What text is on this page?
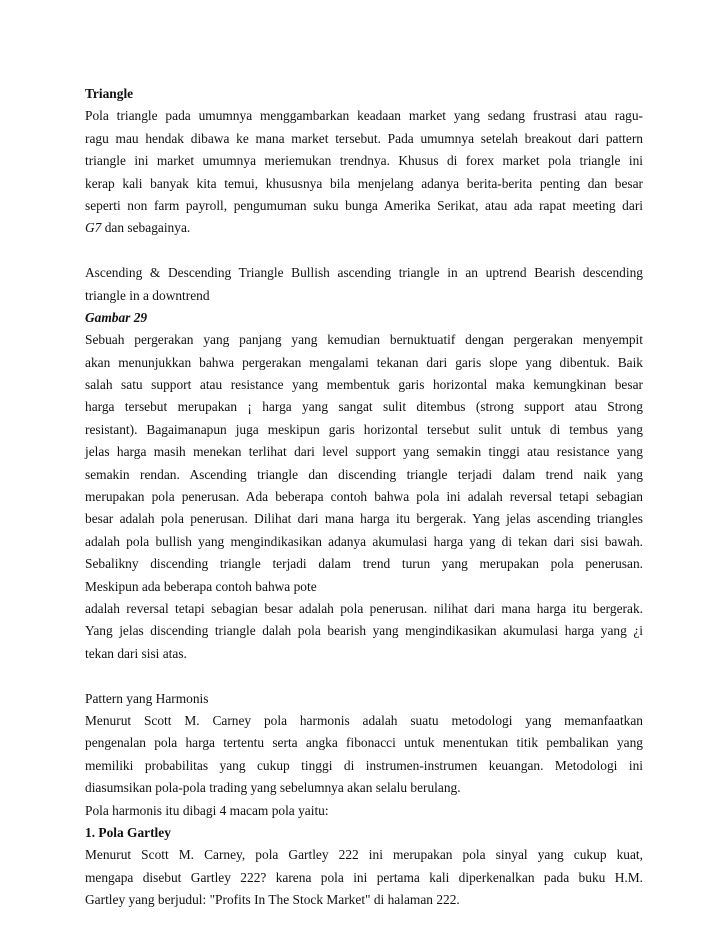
Triangle
Pola triangle pada umumnya menggambarkan keadaan market yang sedang frustrasi atau ragu-
ragu mau hendak dibawa ke mana market tersebut. Pada umumnya setelah breakout dari pattern
triangle ini market umumnya meriemukan trendnya. Khusus di forex market pola triangle ini
kerap kali banyak kita temui, khususnya bila menjelang adanya berita-berita penting dan besar
seperti non farm payroll, pengumuman suku bunga Amerika Serikat, atau ada rapat meeting dari
G7 dan sebagainya.
Ascending & Descending Triangle Bullish ascending triangle in an uptrend Bearish descending
triangle in a downtrend
Gambar 29
Sebuah pergerakan yang panjang yang kemudian bernuktuatif dengan pergerakan menyempit
akan menunjukkan bahwa pergerakan mengalami tekanan dari garis slope yang dibentuk. Baik
salah satu support atau resistance yang membentuk garis horizontal maka kemungkinan besar
harga tersebut merupakan ¡ harga yang sangat sulit ditembus (strong support atau Strong
resistant). Bagaimanapun juga meskipun garis horizontal tersebut sulit untuk di tembus yang
jelas harga masih menekan terlihat dari level support yang semakin tinggi atau resistance yang
semakin rendan. Ascending triangle dan discending triangle terjadi dalam trend naik yang
merupakan pola penerusan. Ada beberapa contoh bahwa pola ini adalah reversal tetapi sebagian
besar adalah pola penerusan. Dilihat dari mana harga itu bergerak. Yang jelas ascending triangles
adalah pola bullish yang mengindikasikan adanya akumulasi harga yang di tekan dari sisi bawah.
Sebalikny discending triangle terjadi dalam trend turun yang merupakan pola penerusan.
Meskipun ada beberapa contoh bahwa pote
adalah reversal tetapi sebagian besar adalah pola penerusan. nilihat dari mana harga itu bergerak.
Yang jelas discending triangle dalah pola bearish yang mengindikasikan akumulasi harga yang ¿i
tekan dari sisi atas.
Pattern yang Harmonis
Menurut Scott M. Carney pola harmonis adalah suatu metodologi yang memanfaatkan
pengenalan pola harga tertentu serta angka fibonacci untuk menentukan titik pembalikan yang
memiliki probabilitas yang cukup tinggi di instrumen-instrumen keuangan. Metodologi ini
diasumsikan pola-pola trading yang sebelumnya akan selalu berulang.
Pola harmonis itu dibagi 4 macam pola yaitu:
1. Pola Gartley
Menurut Scott M. Carney, pola Gartley 222 ini merupakan pola sinyal yang cukup kuat,
mengapa disebut Gartley 222? karena pola ini pertama kali diperkenalkan pada buku H.M.
Gartley yang berjudul: "Profits In The Stock Market" di halaman 222.
